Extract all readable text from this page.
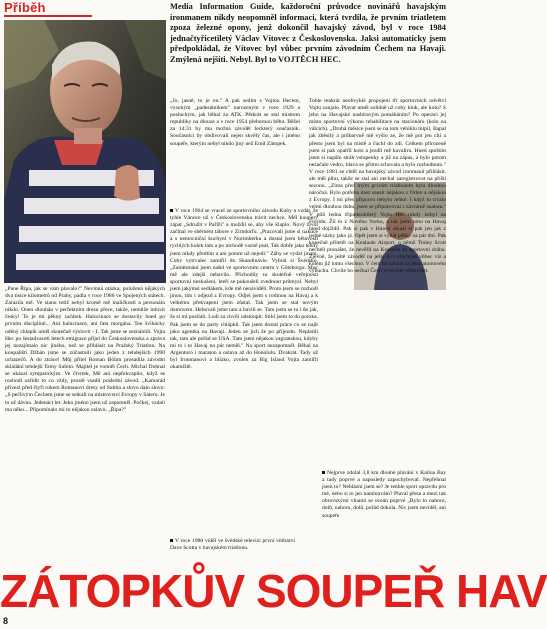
Příběh	Media Information Guide, každoroční průvodce novinářů havajským ironmanem nikdy neopomněl informaci, která tvrdila, že prvním triatletem zpoza železné opony, jenž dokončil havajský závod, byl v roce 1984 jednačtyřicetiletý Václav Vítovec z Československa. Jaksi automaticky jsem předpokládal, že Vítovec byl vůbec prvním závodním Čechem na Havaji. Zmýlená nejšíti. Nebyl. Byl to VOJTĚCH HEC.

„Pane Řípa, jak se vám plavalo?" Nevinná otázka, položená nějakých dva tisíce kilometrů od Prahy, padla v roce 1986 ve Spojených státech. Zarazila mě. Ve stanu totiž nebyl kromě mě maličkosti a personálu nikdo. Onen dlouhán v perfektním dresu přece, takže, nemůže mluvit česky! To je mi pěkný začátek. Halucinace se dostavily hned po prvním disciplíně... Ani halucinace, ani fata morgána. Ten švihácky oděný chlapík uměl skutečně výslovit - I. Tak jsme se seznámili. Vojta Hec po šestadvaceti letech emigrace přijel do Československa a zpráva jej nezajímalo nic jiného, než se přihlásit na Pražský Triatlon. Na koupališti Džbán jsme se zúčastnili jako jeden z tehdejších 1990 uchazečů. A do ztráce! Můj přítel Roman Böhm prosadila závodní skládání tehdejší firmy Subito. Majitel je vonněl Čech. Michal Dohnal se ukázal sympatickým. Ve čtvrtek, Mě ani nepřekvapilo, když se rozhodl zařídit to co vždy, prostě vsadil poslední závod. „Kamarád přivezl před čtyři rokem Romanovi dresy od Subita a slovo dalo slovo: „S pečlivým Čechem jsme se setkali na mistrovství Evropy v Sáteru. Je to už dávno. Jedenáct let. Jeho jméno jsem už zapomněl. Počkej, vzdali ma něko... Připomínalo mi to nějakou oslavu. „Řípa?"

„Jo, jasně, to je on." A pak sedím s Vojtou Hecem, vysokým „padesátníkem" narozeným v roce 1929 a posluchým, jak běhal za ATK. Pětkrát se stal mistrem republiky na dlouze a v roce 1954 přebornou běhu. Běžel za 14:31 by mu možná závidět leckterý současník. Současnící by obdivovali nejen skvělý čas, ale i jméno soupeře, kterým nebyl nikdo jiný než Emil Zátopek.

V roce 1964 se vracel ze sportovního závodu Kuby a vzdát, že tyhle Vánoce už v Československu trávit nechce. Měl kouperý zápat „Sdružit v Paříži" a moždil se, aby vše klaplo. Nový život začínal ve sběrném tábore v Zirndorfu. „Pracovali jsme si nakuce a s nemocniční kuchyní v Norimberku a dostal jsem bělavosti rychlých kolek tam a po nichodě vazně psát. Tak dobře jako tehdy jsem nikdy předtím a ani potom už nejedl." Záhy se vydal jinam. Coby vytrvalec zamířil do Skandinávie. Vybral si Švédsko. „Zaměstnání jsem našel ve sportovním centru v Göteborgu. Moc mě ale zdejší nebavilo. Přichodily tu skutečně veřejnosti sportovní nezkušeni, kteří se pokoušeli zvednout průmysl. Nebyl jsem jakýmsi sedlákem, kde mě nenáviděli. Proto jsem se rozhodl jinou, tím i odjezd z Evropy. Odjel jsem s rodinou na Havaj a k velkému překvapení jsem zůstal. Tak jsem se stal novým domovem. Hebovali jsme tam a bavili se. Tam jsem se tu i do jak, že si mi posílali. Lodí za chvíli odstoupit. Stihl jsem to do potoka. Pak jsem se do party chlápků. Tak jsem dostal práce co se najít jako agentka na Havaji. Jeden ze jich že po příjezdu. Neplatili tak, tam ale pořád se USA. Tam jsem nějakou vagranskou, kdyby mi to i to Havaj na pár neměl." Na sport nezapomněl. Běhal na Argenturo i maraton a oslava až do Honolulu. Dvakrát. Tady už byl Ironmanovi a blízko, zvolen za Big Island Vojta zamířil okamžitě.

V roce 1980 viděl ve švédské televizi první vítězství Dave Scotta v havajském triatlonu.

Tohle tenkrát neobvyklé propojení tří sportovních odvětví Vojtu zaujalo. Plavat uměl solidně už coby kluk, ale kolo? S jeho na Havajské nasbíravým pomáháním? Po operaci jej místo sportovní výkonu rehabilitace na stacionáru (kolo na válcích). „Druhá měsíce jsem se na tom vehiklu tnipil, šlapal jak zběsilý a průbarvně mě vyšlo ze, že mě pot jen cítí a přesto jsem byl na místě a čuchl do zdí. Celkem přirozeně jsem si pak opatřil kolo a jezdil mě kavalíru. Hned spoštím jsem si napšlo stráh vstupenky a již na zápas, a bylo potom nezačalo vedro, hlava se přímo schovala a bylo rozhodnuto." V roce 1981 se chtěl na havajský závod ironmanů přihlásit, ale měl pihu, takže se stal ani nechal zaregistrovat na příští sezonu. „Zima před mým prvním triatlonem byla dlouhou náročná. Bylo potřeba dost sousit nějakou z Orlen a nějakou z Evropy. I mi přes přípravu nebylo lehké. I když to trvalo velmi dlouhou dobu, jsem se připravoval s závratně snahou." V půli ledna třipadesátiletý Vojta Hec nikdy nebyl na Floridu. Žil to z Nového Yorku, a tak jsem toho na Havaj hned dojíždil. Pak si pak v Hawai zkusil si pak jen jak z jedné sázky jako já. Opět jsem si vydal pěšky na pár dní. Pak konečně přiletěl na Kealaole Airport, o němž Tinley Scott nechtěl pronášet, že nevěřil na Kealaole za sportovní dráhu. Zjevně, že ještě závoděl na ještě tu i obyčejně vůbec víz a kolem již tomu všechno. V čem ho zavzal za jeho atomovém výbuchu. Chvíle ho nečkal Čech vymyslet přemýšlet.

Nejprve zdolal 3,8 km dlouhé plavání v Kailua Bay a tady poprvé a naposledy zapochyboval. Nepřehnal jsem to? Neblázní jsem se? Je tenhle sport opravdu pro mě, nebo si to jen namlouvám? Plaval přesa a mezi tak obrovskými vlnami se oceán poprvé „Bylo to nahoru, dolů, nahoru, dolů, pořád dokola. Nic jsem neviděl, ani soupeře

ZÁTOPKŮV SOUPEŘ HAV
8
